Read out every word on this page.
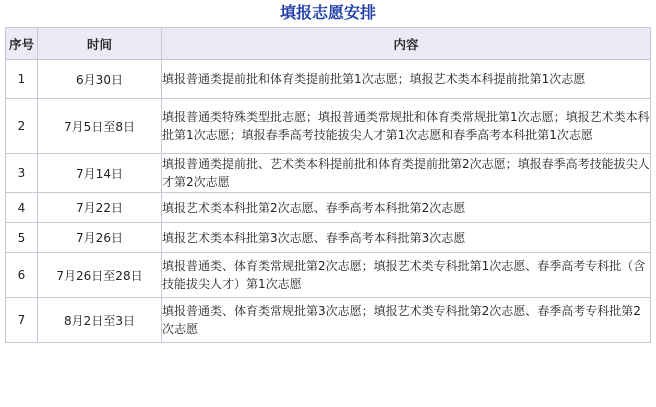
填报志愿安排
序号	时间	内容
1	6月30日	填报普通类提前批和体育类提前批第1次志愿；填报艺术类本科提前批第1次志愿
2	7月5日至8日	填报普通类特殊类型批志愿；填报普通类常规批和体育类常规批第1次志愿；填报艺术类本科批第1次志愿；填报春季高考技能拔尖人才第1次志愿和春季高考本科批第1次志愿
3	7月14日	填报普通类提前批、艺术类本科提前批和体育类提前批第2次志愿；填报春季高考技能拔尖人才第2次志愿
4	7月22日	填报艺术类本科批第2次志愿、春季高考本科批第2次志愿
5	7月26日	填报艺术类本科批第3次志愿、春季高考本科批第3次志愿
6	7月26日至28日	填报普通类、体育类常规批第2次志愿；填报艺术类专科批第1次志愿、春季高考专科批（含技能拔尖人才）第1次志愿
7	8月2日至3日	填报普通类、体育类常规批第3次志愿；填报艺术类专科批第2次志愿、春季高考专科批第2次志愿
